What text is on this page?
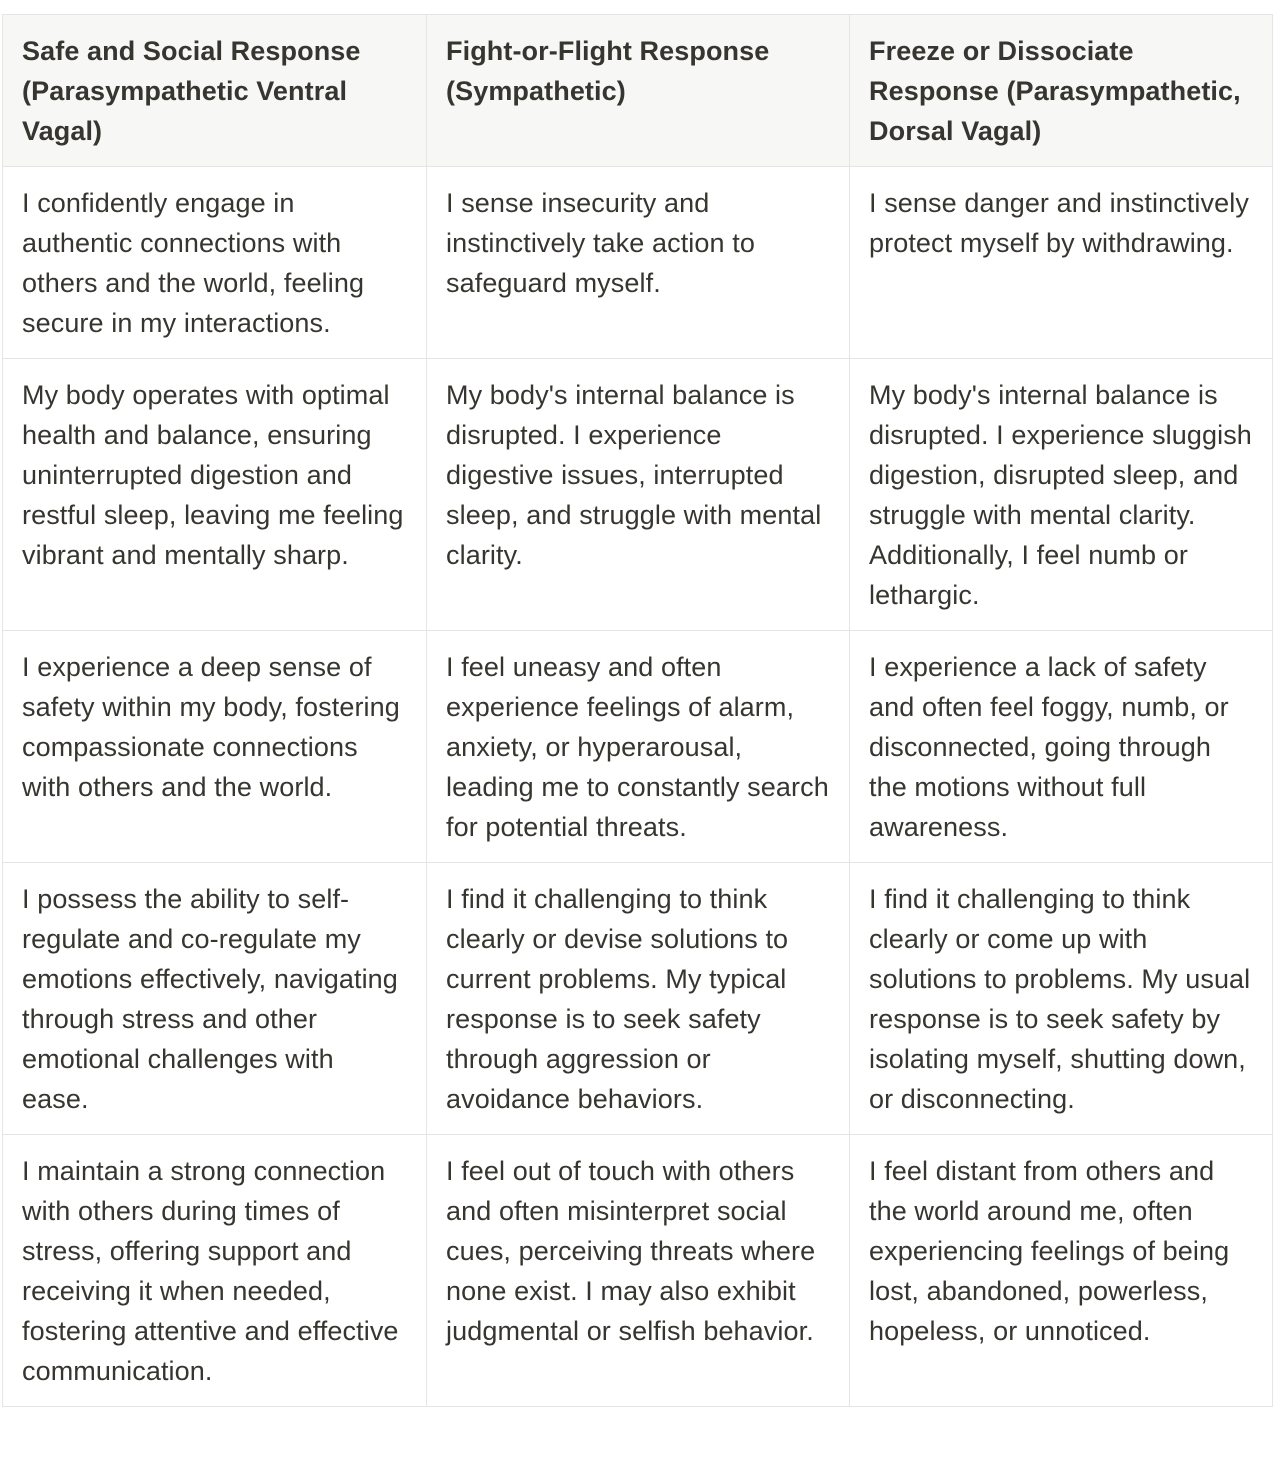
Safe and Social Response (Parasympathetic Ventral Vagal)	Fight-or-Flight Response (Sympathetic)	Freeze or Dissociate Response (Parasympathetic, Dorsal Vagal)
I confidently engage in authentic connections with others and the world, feeling secure in my interactions.	I sense insecurity and instinctively take action to safeguard myself.	I sense danger and instinctively protect myself by withdrawing.
My body operates with optimal health and balance, ensuring uninterrupted digestion and restful sleep, leaving me feeling vibrant and mentally sharp.	My body's internal balance is disrupted. I experience digestive issues, interrupted sleep, and struggle with mental clarity.	My body's internal balance is disrupted. I experience sluggish digestion, disrupted sleep, and struggle with mental clarity. Additionally, I feel numb or lethargic.
I experience a deep sense of safety within my body, fostering compassionate connections with others and the world.	I feel uneasy and often experience feelings of alarm, anxiety, or hyperarousal, leading me to constantly search for potential threats.	I experience a lack of safety and often feel foggy, numb, or disconnected, going through the motions without full awareness.
I possess the ability to self-regulate and co-regulate my emotions effectively, navigating through stress and other emotional challenges with ease.	I find it challenging to think clearly or devise solutions to current problems. My typical response is to seek safety through aggression or avoidance behaviors.	I find it challenging to think clearly or come up with solutions to problems. My usual response is to seek safety by isolating myself, shutting down, or disconnecting.
I maintain a strong connection with others during times of stress, offering support and receiving it when needed, fostering attentive and effective communication.	I feel out of touch with others and often misinterpret social cues, perceiving threats where none exist. I may also exhibit judgmental or selfish behavior.	I feel distant from others and the world around me, often experiencing feelings of being lost, abandoned, powerless, hopeless, or unnoticed.
